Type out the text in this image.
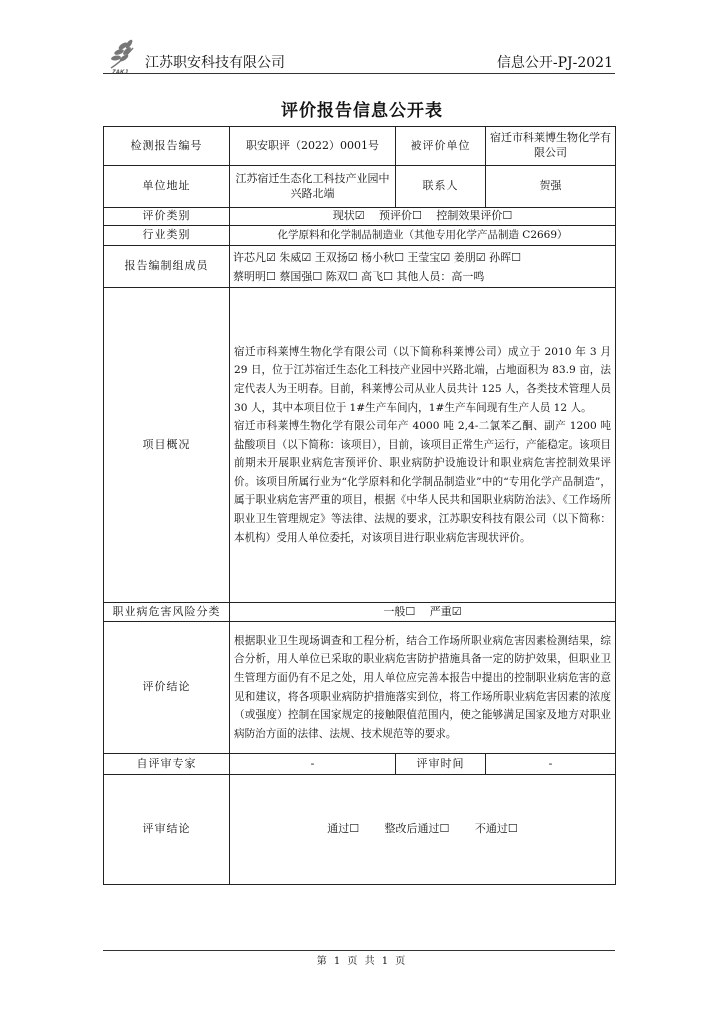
ZAKJ
江苏职安科技有限公司	信息公开-PJ-2021
评价报告信息公开表
检测报告编号	职安职评（2022）0001号	被评价单位	宿迁市科莱博生物化学有限公司
单位地址	江苏宿迁生态化工科技产业园中兴路北端	联系人	贺强
评价类别	现状☑　 预评价☐　 控制效果评价☐		
行业类别	化学原料和化学制品制造业（其他专用化学产品制造 C2669）		
报告编制组成员	许芯凡☑ 朱威☑ 王双扬☑ 杨小秋☐ 王莹宝☑ 姜朋☑ 孙晖☐
蔡明明☐ 蔡国强☐ 陈双☐ 高飞☐ 其他人员：高一鸣		

项目概况	宿迁市科莱博生物化学有限公司（以下简称科莱博公司）成立于 2010 年 3 月 29 日，位于江苏宿迁生态化工科技产业园中兴路北端，占地面积为 83.9 亩，法定代表人为王明春。目前，科莱博公司从业人员共计 125 人，各类技术管理人员 30 人，其中本项目位于 1#生产车间内，1#生产车间现有生产人员 12 人。

宿迁市科莱博生物化学有限公司年产 4000 吨 2,4-二氯苯乙酮、副产 1200 吨盐酸项目（以下简称：该项目），目前，该项目正常生产运行，产能稳定。该项目前期未开展职业病危害预评价、职业病防护设施设计和职业病危害控制效果评价。该项目所属行业为“化学原料和化学制品制造业”中的“专用化学产品制造”，属于职业病危害严重的项目，根据《中华人民共和国职业病防治法》、《工作场所职业卫生管理规定》等法律、法规的要求，江苏职安科技有限公司（以下简称：本机构）受用人单位委托，对该项目进行职业病危害现状评价。		

职业病危害风险分类	一般☐　 严重☑		
评价结论	根据职业卫生现场调查和工程分析，结合工作场所职业病危害因素检测结果，综合分析，用人单位已采取的职业病危害防护措施具备一定的防护效果，但职业卫生管理方面仍有不足之处，用人单位应完善本报告中提出的控制职业病危害的意见和建议，将各项职业病防护措施落实到位，将工作场所职业病危害因素的浓度（或强度）控制在国家规定的接触限值范围内，使之能够满足国家及地方对职业病防治方面的法律、法规、技术规范等的要求。		
自评审专家	-	评审时间	-
评审结论	通过☐　　 整改后通过☐　　 不通过☐		
第 1 页 共 1 页
